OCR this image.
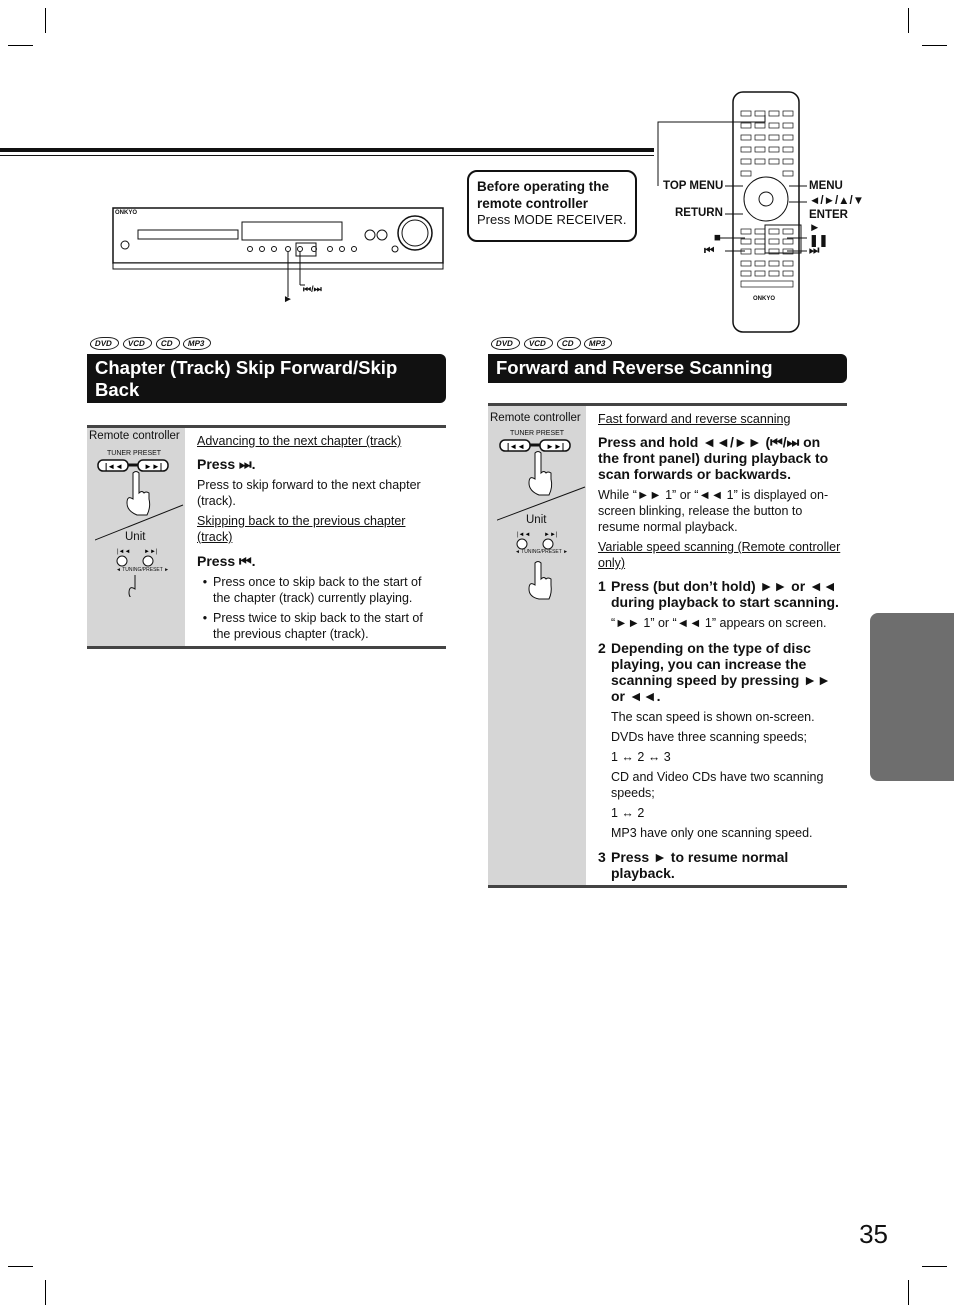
ONKYO
⏮/⏭
►
Before operating the remote controller
Press MODE RECEIVER.
ONKYO
TOP MENU
RETURN
MENU
◄/►/▲/▼
ENTER
■
►
❚❚
⏮	⏭
DVD	VCD	CD	MP3
Chapter (Track) Skip Forward/Skip Back
Remote controller
TUNER PRESET
|◄◄	►►|
|◄◄ ►►|
Unit
◄ TUNING/PRESET ►

Advancing to the next chapter (track)

Press ⏭.

Press to skip forward to the next chapter (track).

Skipping back to the previous chapter (track)

Press ⏮.

• Press once to skip back to the start of the chapter (track) currently playing.
• Press twice to skip back to the start of the previous chapter (track).
DVD	VCD	CD	MP3
Forward and Reverse Scanning
Remote controller
TUNER PRESET
|◄◄	►►|
|◄◄ ►►|
Unit
◄ TUNING/PRESET ►

Fast forward and reverse scanning

Press and hold ◄◄/►► (⏮/⏭ on the front panel) during playback to scan forwards or backwards.

While “►► 1” or “◄◄ 1” is displayed on-screen blinking, release the button to resume normal playback.

Variable speed scanning (Remote controller only)

1 Press (but don’t hold) ►► or ◄◄ during playback to start scanning.

“►► 1” or “◄◄ 1” appears on screen.

2 Depending on the type of disc playing, you can increase the scanning speed by pressing ►► or ◄◄.

The scan speed is shown on-screen.

DVDs have three scanning speeds;

1 ↔ 2 ↔ 3

CD and Video CDs have two scanning speeds;

1 ↔ 2

MP3 have only one scanning speed.

3 Press ► to resume normal playback.
35
